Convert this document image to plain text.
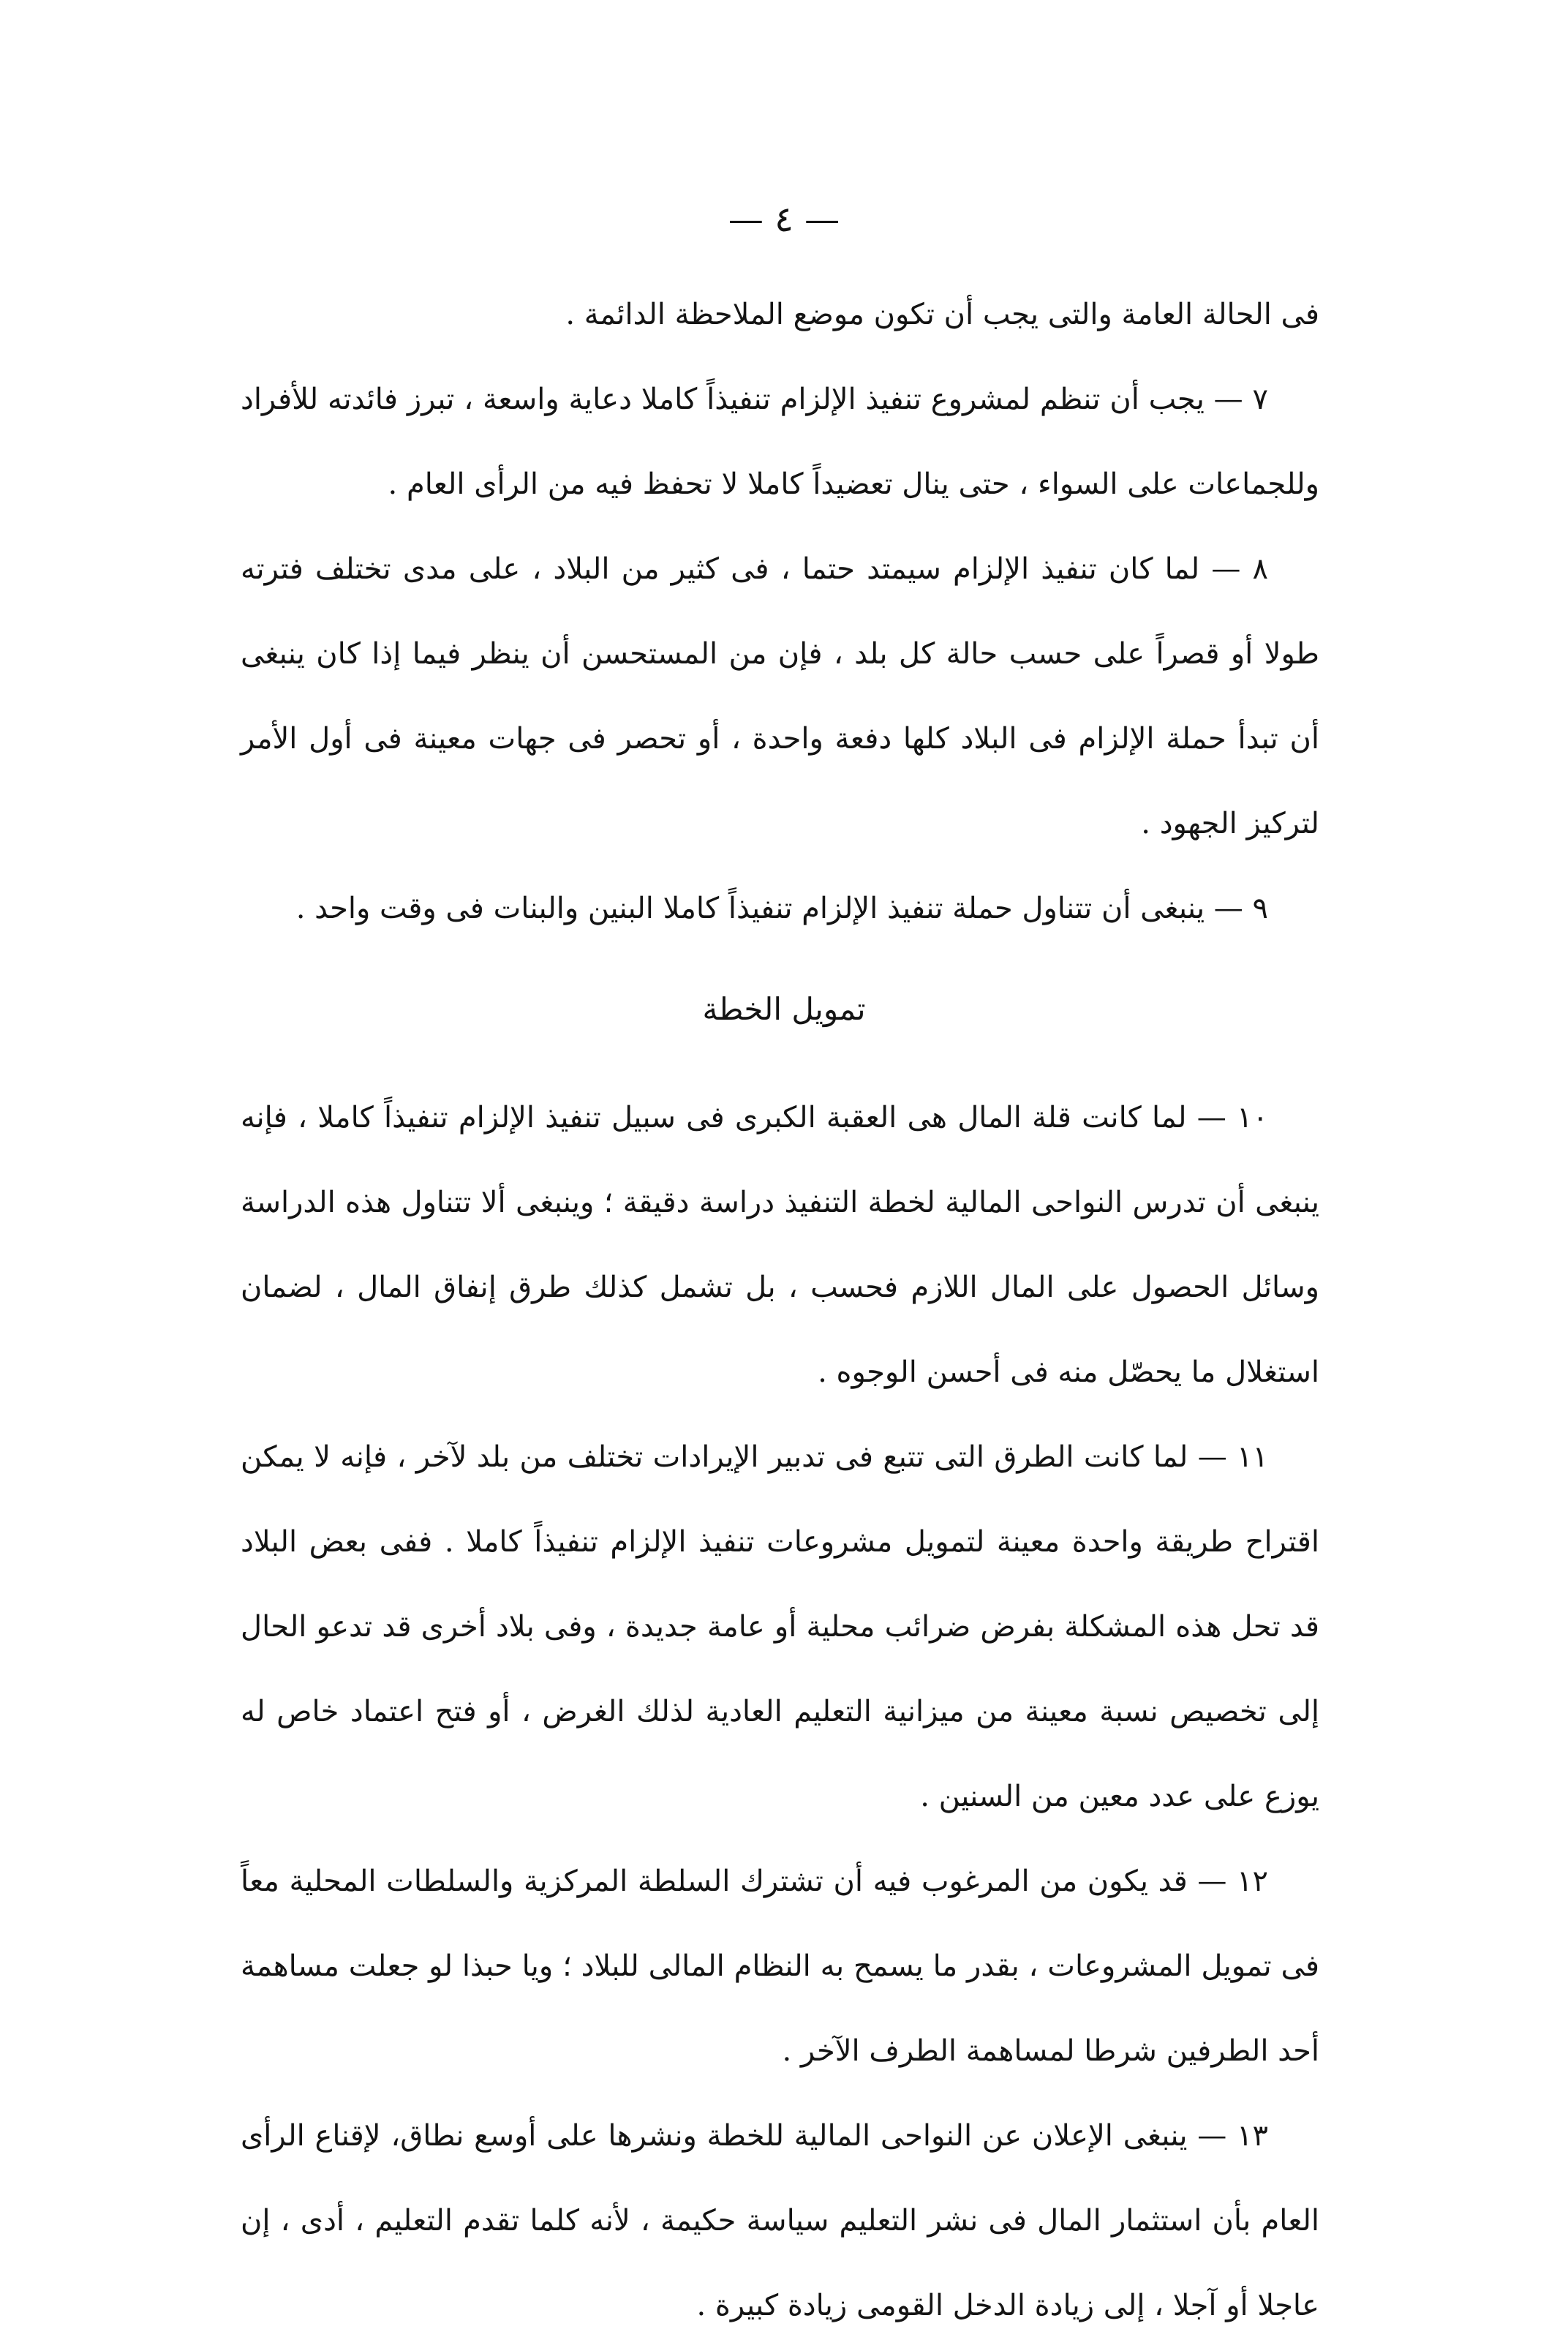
— ٤ —

فى الحالة العامة والتى يجب أن تكون موضع الملاحظة الدائمة .

٧ — يجب أن تنظم لمشروع تنفيذ الإلزام تنفيذاً كاملا دعاية واسعة ، تبرز فائدته للأفراد وللجماعات على السواء ، حتى ينال تعضيداً كاملا لا تحفظ فيه من الرأى العام .

٨ — لما كان تنفيذ الإلزام سيمتد حتما ، فى كثير من البلاد ، على مدى تختلف فترته طولا أو قصراً على حسب حالة كل بلد ، فإن من المستحسن أن ينظر فيما إذا كان ينبغى أن تبدأ حملة الإلزام فى البلاد كلها دفعة واحدة ، أو تحصر فى جهات معينة فى أول الأمر لتركيز الجهود .

٩ — ينبغى أن تتناول حملة تنفيذ الإلزام تنفيذاً كاملا البنين والبنات فى وقت واحد .

تمويل الخطة

١٠ — لما كانت قلة المال هى العقبة الكبرى فى سبيل تنفيذ الإلزام تنفيذاً كاملا ، فإنه ينبغى أن تدرس النواحى المالية لخطة التنفيذ دراسة دقيقة ؛ وينبغى ألا تتناول هذه الدراسة وسائل الحصول على المال اللازم فحسب ، بل تشمل كذلك طرق إنفاق المال ، لضمان استغلال ما يحصّل منه فى أحسن الوجوه .

١١ — لما كانت الطرق التى تتبع فى تدبير الإيرادات تختلف من بلد لآخر ، فإنه لا يمكن اقتراح طريقة واحدة معينة لتمويل مشروعات تنفيذ الإلزام تنفيذاً كاملا . ففى بعض البلاد قد تحل هذه المشكلة بفرض ضرائب محلية أو عامة جديدة ، وفى بلاد أخرى قد تدعو الحال إلى تخصيص نسبة معينة من ميزانية التعليم العادية لذلك الغرض ، أو فتح اعتماد خاص له يوزع على عدد معين من السنين .

١٢ — قد يكون من المرغوب فيه أن تشترك السلطة المركزية والسلطات المحلية معاً فى تمويل المشروعات ، بقدر ما يسمح به النظام المالى للبلاد ؛ ويا حبذا لو جعلت مساهمة أحد الطرفين شرطا لمساهمة الطرف الآخر .

١٣ — ينبغى الإعلان عن النواحى المالية للخطة ونشرها على أوسع نطاق، لإقناع الرأى العام بأن استثمار المال فى نشر التعليم سياسة حكيمة ، لأنه كلما تقدم التعليم ، أدى ، إن عاجلا أو آجلا ، إلى زيادة الدخل القومى زيادة كبيرة .
